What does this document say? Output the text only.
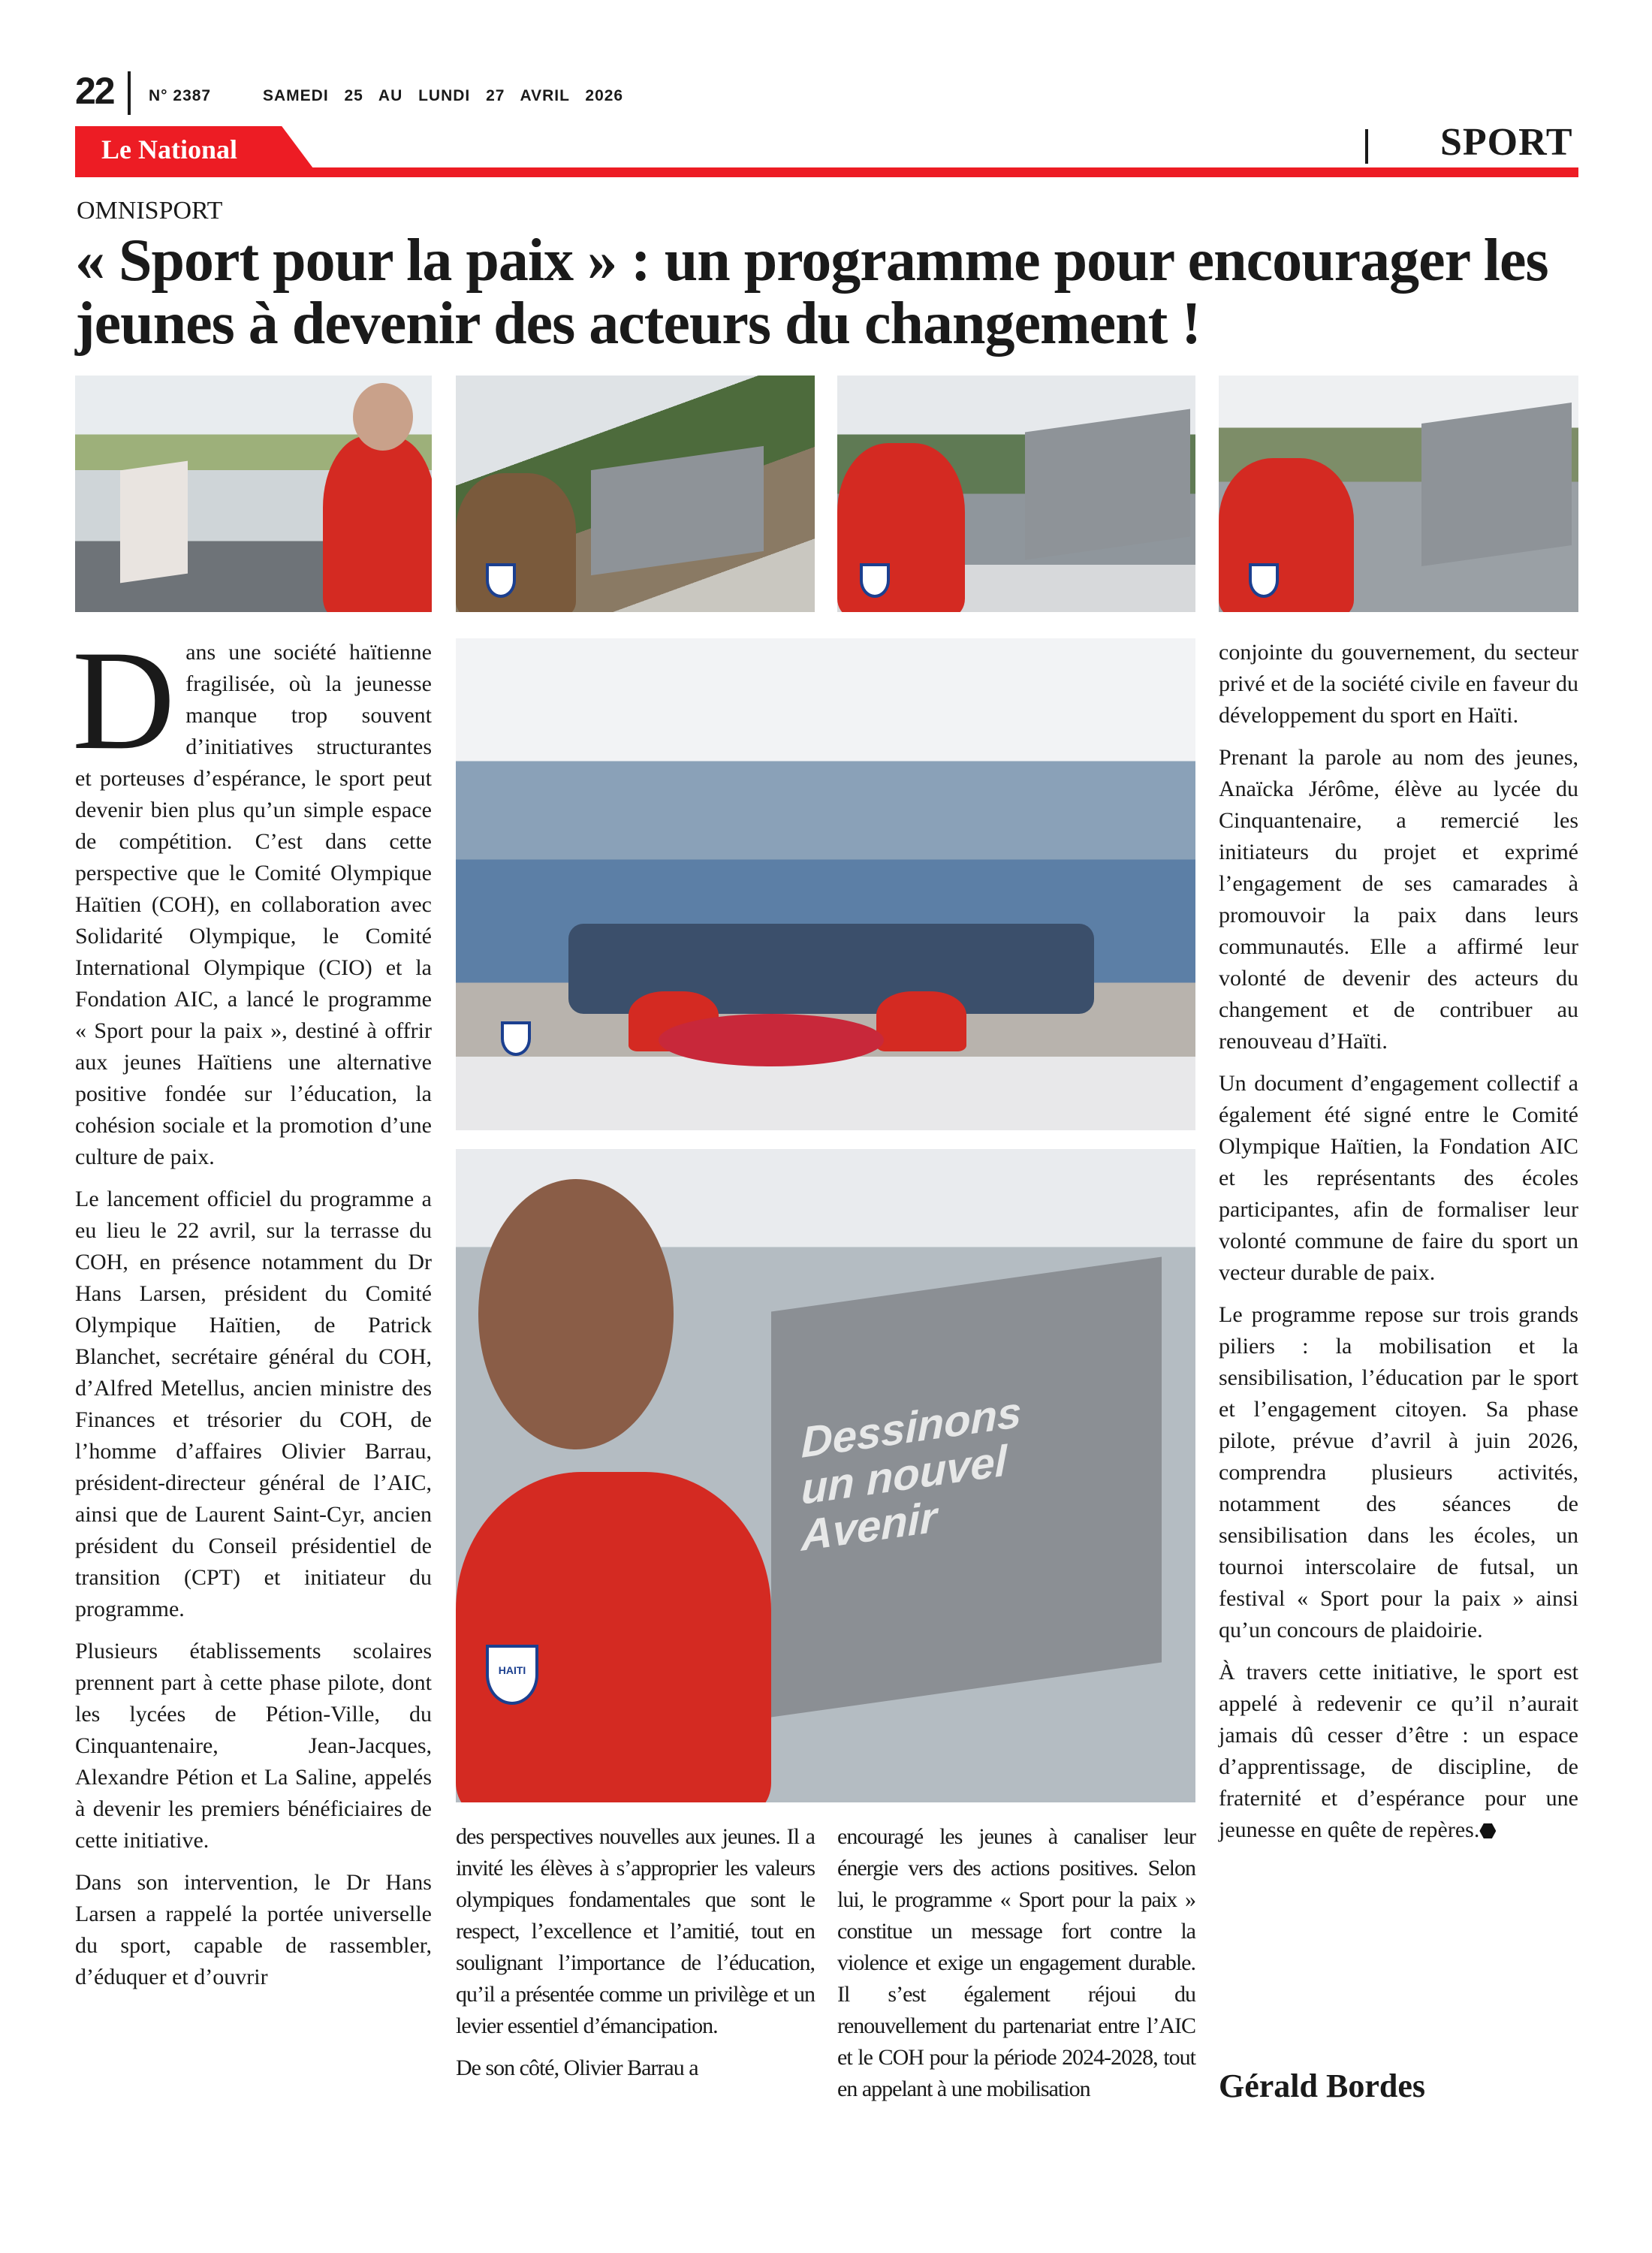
22 N° 2387	SAMEDI 25 AU LUNDI 27 AVRIL 2026
Le National	SPORT
OMNISPORT
« Sport pour la paix » : un programme pour encourager les jeunes à devenir des acteurs du changement !
Dessinons un nouvel Avenir
HAITI

Dans une société haïtienne fragilisée, où la jeunesse manque trop souvent d’initiatives structurantes et porteuses d’espérance, le sport peut devenir bien plus qu’un simple espace de compétition. C’est dans cette perspective que le Comité Olympique Haïtien (COH), en collaboration avec Solidarité Olympique, le Comité International Olympique (CIO) et la Fondation AIC, a lancé le programme « Sport pour la paix », destiné à offrir aux jeunes Haïtiens une alternative positive fondée sur l’éducation, la cohésion sociale et la promotion d’une culture de paix.

Le lancement officiel du programme a eu lieu le 22 avril, sur la terrasse du COH, en présence notamment du Dr Hans Larsen, président du Comité Olympique Haïtien, de Patrick Blanchet, secrétaire général du COH, d’Alfred Metellus, ancien ministre des Finances et trésorier du COH, de l’homme d’affaires Olivier Barrau, président-directeur général de l’AIC, ainsi que de Laurent Saint-Cyr, ancien président du Conseil présidentiel de transition (CPT) et initiateur du programme.

Plusieurs établissements scolaires prennent part à cette phase pilote, dont les lycées de Pétion-Ville, du Cinquantenaire, Jean-Jacques, Alexandre Pétion et La Saline, appelés à devenir les premiers bénéficiaires de cette initiative.

Dans son intervention, le Dr Hans Larsen a rappelé la portée universelle du sport, capable de rassembler, d’éduquer et d’ouvrir

des perspectives nouvelles aux jeunes. Il a invité les élèves à s’approprier les valeurs olympiques fondamentales que sont le respect, l’excellence et l’amitié, tout en soulignant l’importance de l’éducation, qu’il a présentée comme un privilège et un levier essentiel d’émancipation.

De son côté, Olivier Barrau a

encouragé les jeunes à canaliser leur énergie vers des actions positives. Selon lui, le programme « Sport pour la paix » constitue un message fort contre la violence et exige un engagement durable. Il s’est également réjoui du renouvellement du partenariat entre l’AIC et le COH pour la période 2024-2028, tout en appelant à une mobilisation

conjointe du gouvernement, du secteur privé et de la société civile en faveur du développement du sport en Haïti.

Prenant la parole au nom des jeunes, Anaïcka Jérôme, élève au lycée du Cinquantenaire, a remercié les initiateurs du projet et exprimé l’engagement de ses camarades à promouvoir la paix dans leurs communautés. Elle a affirmé leur volonté de devenir des acteurs du changement et de contribuer au renouveau d’Haïti.

Un document d’engagement collectif a également été signé entre le Comité Olympique Haïtien, la Fondation AIC et les représentants des écoles participantes, afin de formaliser leur volonté commune de faire du sport un vecteur durable de paix.

Le programme repose sur trois grands piliers : la mobilisation et la sensibilisation, l’éducation par le sport et l’engagement citoyen. Sa phase pilote, prévue d’avril à juin 2026, comprendra plusieurs activités, notamment des séances de sensibilisation dans les écoles, un tournoi interscolaire de futsal, un festival « Sport pour la paix » ainsi qu’un concours de plaidoirie.

À travers cette initiative, le sport est appelé à redevenir ce qu’il n’aurait jamais dû cesser d’être : un espace d’apprentissage, de discipline, de fraternité et d’espérance pour une jeunesse en quête de repères.

Gérald Bordes
